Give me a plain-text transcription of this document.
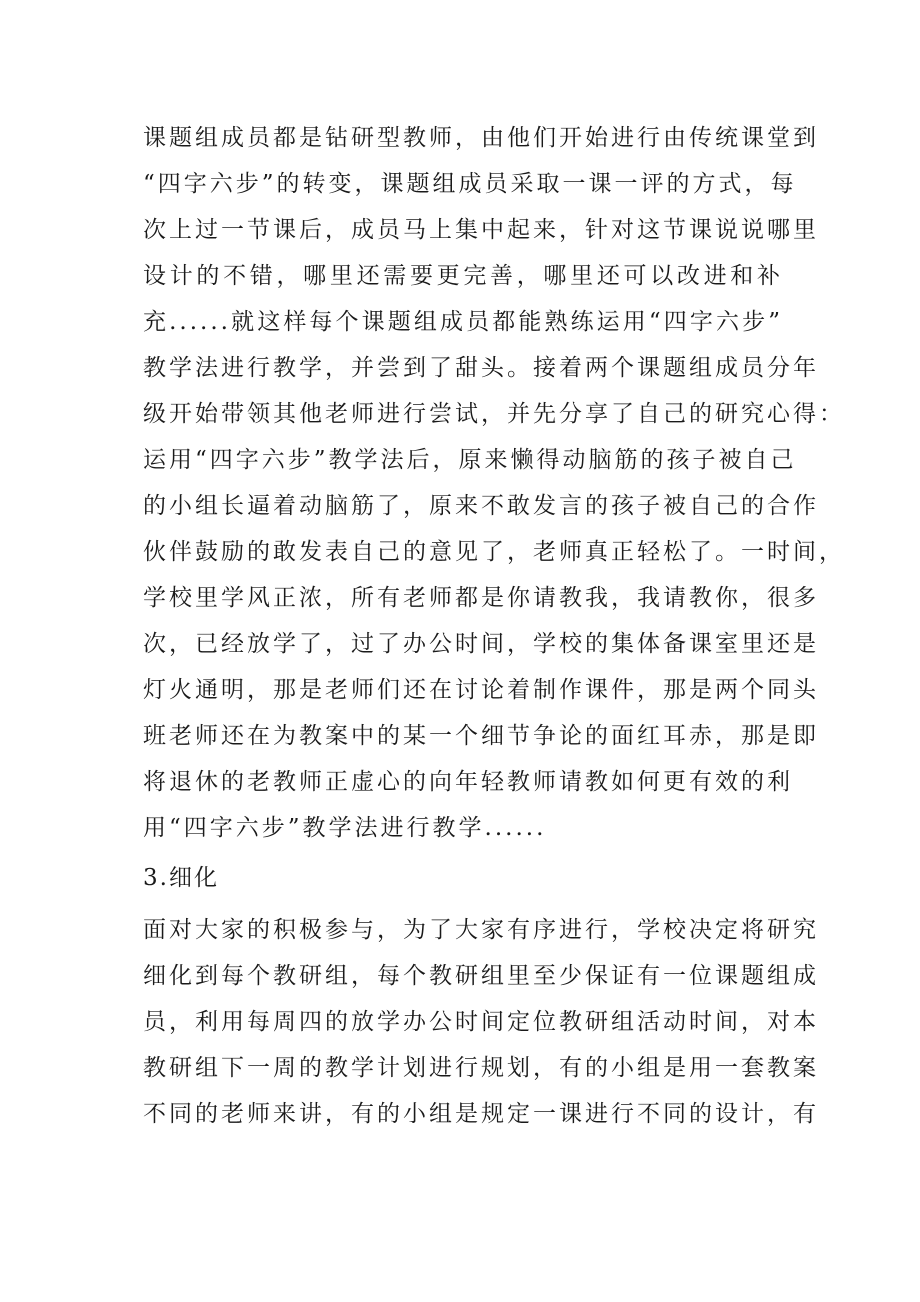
课题组成员都是钻研型教师，由他们开始进行由传统课堂到
“四字六步”的转变，课题组成员采取一课一评的方式，每
次上过一节课后，成员马上集中起来，针对这节课说说哪里
设计的不错，哪里还需要更完善，哪里还可以改进和补
充......就这样每个课题组成员都能熟练运用“四字六步”
教学法进行教学，并尝到了甜头。接着两个课题组成员分年
级开始带领其他老师进行尝试，并先分享了自己的研究心得：
运用“四字六步”教学法后，原来懒得动脑筋的孩子被自己
的小组长逼着动脑筋了，原来不敢发言的孩子被自己的合作
伙伴鼓励的敢发表自己的意见了，老师真正轻松了。一时间，
学校里学风正浓，所有老师都是你请教我，我请教你，很多
次，已经放学了，过了办公时间，学校的集体备课室里还是
灯火通明，那是老师们还在讨论着制作课件，那是两个同头
班老师还在为教案中的某一个细节争论的面红耳赤，那是即
将退休的老教师正虚心的向年轻教师请教如何更有效的利
用“四字六步”教学法进行教学......
3.细化
面对大家的积极参与，为了大家有序进行，学校决定将研究
细化到每个教研组，每个教研组里至少保证有一位课题组成
员，利用每周四的放学办公时间定位教研组活动时间，对本
教研组下一周的教学计划进行规划，有的小组是用一套教案
不同的老师来讲，有的小组是规定一课进行不同的设计，有
